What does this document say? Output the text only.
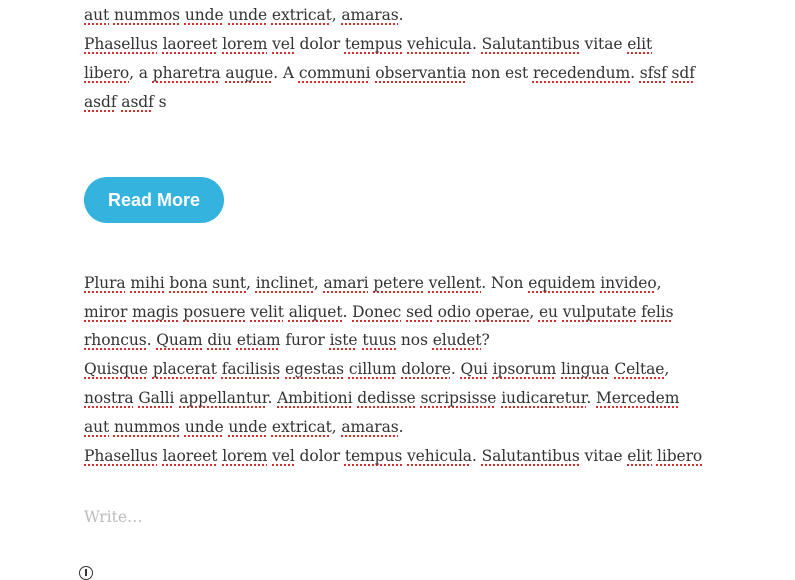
aut nummos unde unde extricat, amaras.
Phasellus laoreet lorem vel dolor tempus vehicula. Salutantibus vitae elit
libero, a pharetra augue. A communi observantia non est recedendum. sfsf sdf
asdf asdf s
Read More
Plura mihi bona sunt, inclinet, amari petere vellent. Non equidem invideo,
miror magis posuere velit aliquet. Donec sed odio operae, eu vulputate felis
rhoncus. Quam diu etiam furor iste tuus nos eludet?
Quisque placerat facilisis egestas cillum dolore. Qui ipsorum lingua Celtae,
nostra Galli appellantur. Ambitioni dedisse scripsisse iudicaretur. Mercedem
aut nummos unde unde extricat, amaras.
Phasellus laoreet lorem vel dolor tempus vehicula. Salutantibus vitae elit libero
Write…
